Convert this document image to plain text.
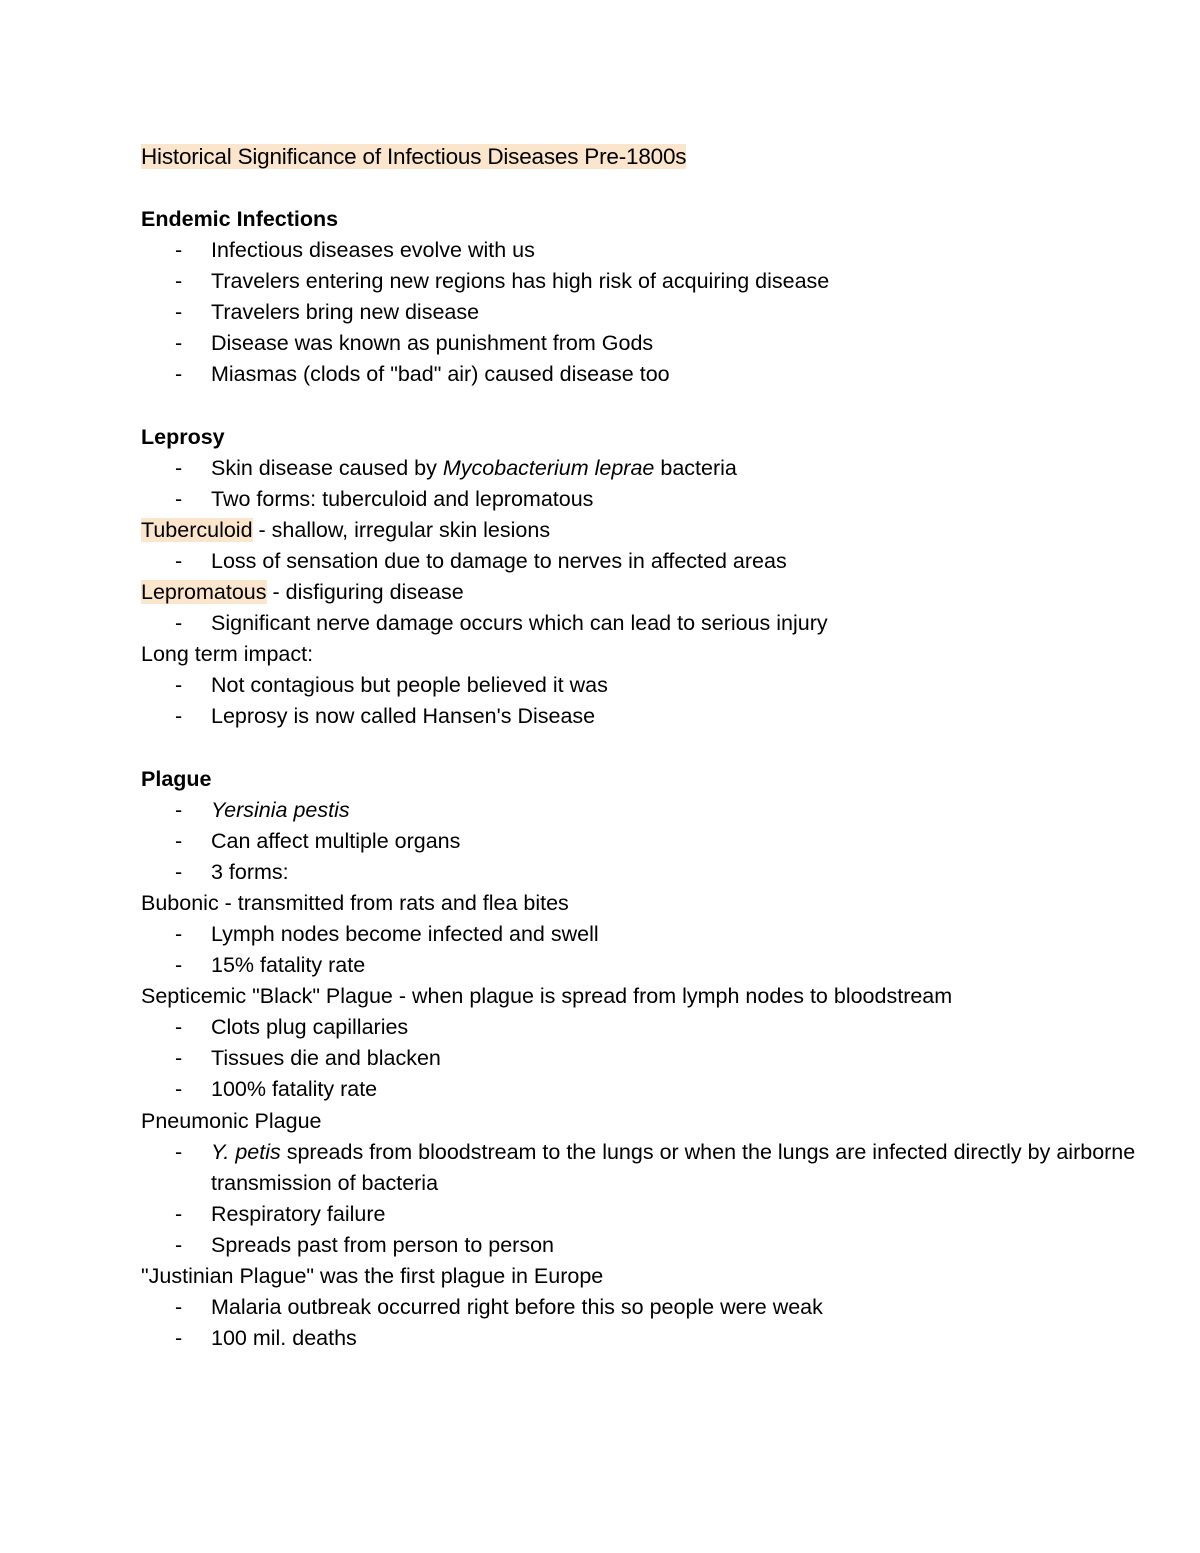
Historical Significance of Infectious Diseases Pre-1800s
Endemic Infections
- Infectious diseases evolve with us
- Travelers entering new regions has high risk of acquiring disease
- Travelers bring new disease
- Disease was known as punishment from Gods
- Miasmas (clods of "bad" air) caused disease too
Leprosy
- Skin disease caused by Mycobacterium leprae bacteria
- Two forms: tuberculoid and lepromatous
Tuberculoid - shallow, irregular skin lesions
- Loss of sensation due to damage to nerves in affected areas
Lepromatous - disfiguring disease
- Significant nerve damage occurs which can lead to serious injury
Long term impact:
- Not contagious but people believed it was
- Leprosy is now called Hansen's Disease
Plague
- Yersinia pestis
- Can affect multiple organs
- 3 forms:
Bubonic - transmitted from rats and flea bites
- Lymph nodes become infected and swell
- 15% fatality rate
Septicemic "Black" Plague - when plague is spread from lymph nodes to bloodstream
- Clots plug capillaries
- Tissues die and blacken
- 100% fatality rate
Pneumonic Plague
- Y. petis spreads from bloodstream to the lungs or when the lungs are infected directly by airborne transmission of bacteria
- Respiratory failure
- Spreads past from person to person
"Justinian Plague" was the first plague in Europe
- Malaria outbreak occurred right before this so people were weak
- 100 mil. deaths
